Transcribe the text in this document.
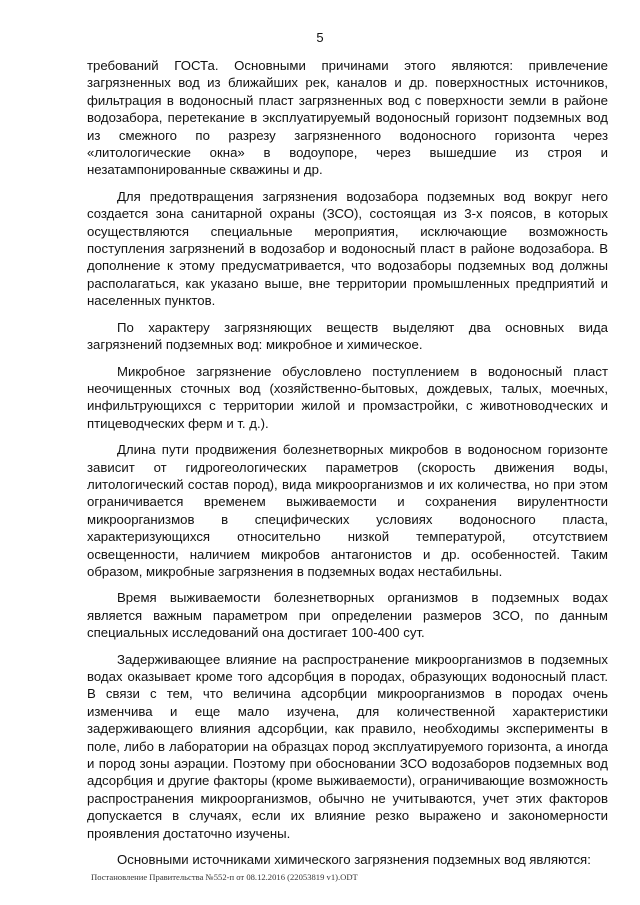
5

требований ГОСТа. Основными причинами этого являются: привлечение загрязненных вод из ближайших рек, каналов и др. поверхностных источников, фильтрация в водоносный пласт загрязненных вод с поверхности земли в районе водозабора, перетекание в эксплуатируемый водоносный горизонт подземных вод из смежного по разрезу загрязненного водоносного горизонта через «литологические окна» в водоупоре, через вышедшие из строя и незатампонированные скважины и др.

Для предотвращения загрязнения водозабора подземных вод вокруг него создается зона санитарной охраны (ЗСО), состоящая из 3-х поясов, в которых осуществляются специальные мероприятия, исключающие возможность поступления загрязнений в водозабор и водоносный пласт в районе водозабора. В дополнение к этому предусматривается, что водозаборы подземных вод должны располагаться, как указано выше, вне территории промышленных предприятий и населенных пунктов.

По характеру загрязняющих веществ выделяют два основных вида загрязнений подземных вод: микробное и химическое.

Микробное загрязнение обусловлено поступлением в водоносный пласт неочищенных сточных вод (хозяйственно-бытовых, дождевых, талых, моечных, инфильтрующихся с территории жилой и промзастройки, с животноводческих и птицеводческих ферм и т. д.).

Длина пути продвижения болезнетворных микробов в водоносном горизонте зависит от гидрогеологических параметров (скорость движения воды, литологический состав пород), вида микроорганизмов и их количества, но при этом ограничивается временем выживаемости и сохранения вирулентности микроорганизмов в специфических условиях водоносного пласта, характеризующихся относительно низкой температурой, отсутствием освещенности, наличием микробов антагонистов и др. особенностей. Таким образом, микробные загрязнения в подземных водах нестабильны.

Время выживаемости болезнетворных организмов в подземных водах является важным параметром при определении размеров ЗСО, по данным специальных исследований она достигает 100-400 сут.

Задерживающее влияние на распространение микроорганизмов в подземных водах оказывает кроме того адсорбция в породах, образующих водоносный пласт. В связи с тем, что величина адсорбции микроорганизмов в породах очень изменчива и еще мало изучена, для количественной характеристики задерживающего влияния адсорбции, как правило, необходимы эксперименты в поле, либо в лаборатории на образцах пород эксплуатируемого горизонта, а иногда и пород зоны аэрации. Поэтому при обосновании ЗСО водозаборов подземных вод адсорбция и другие факторы (кроме выживаемости), ограничивающие возможность распространения микроорганизмов, обычно не учитываются, учет этих факторов допускается в случаях, если их влияние резко выражено и закономерности проявления достаточно изучены.

Основными источниками химического загрязнения подземных вод являются:

Постановление Правительства №552-п от 08.12.2016 (22053819 v1).ODT
